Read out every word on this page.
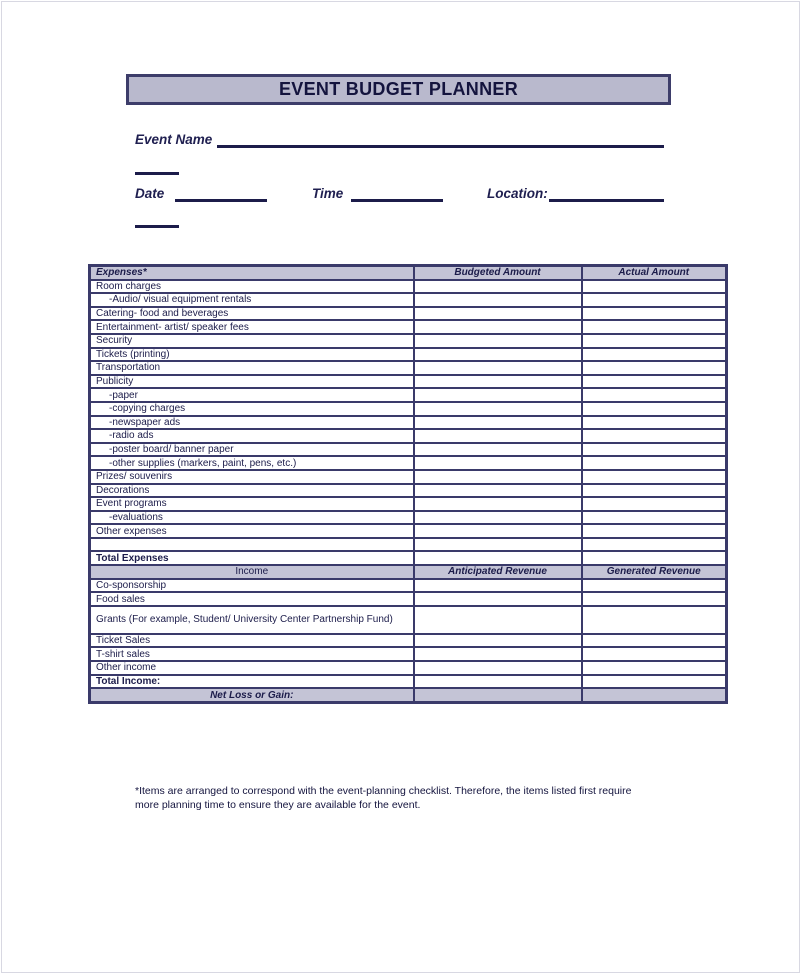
EVENT BUDGET PLANNER
Event Name
Date	Time	Location:
Expenses*	Budgeted Amount	Actual Amount
Room charges		
-Audio/ visual equipment rentals		
Catering- food and beverages		
Entertainment- artist/ speaker fees		
Security		
Tickets (printing)		
Transportation		
Publicity		
-paper		
-copying charges		
-newspaper ads		
-radio ads		
-poster board/ banner paper		
-other supplies (markers, paint, pens, etc.)		
Prizes/ souvenirs		
Decorations		
Event programs		
-evaluations		
Other expenses		

Total Expenses		
Income	Anticipated Revenue	Generated Revenue
Co-sponsorship		
Food sales		
Grants (For example, Student/ University Center Partnership Fund)		
Ticket Sales		
T-shirt sales		
Other income		
Total Income:		
Net Loss or Gain:		
*Items are arranged to correspond with the event-planning checklist. Therefore, the items listed first require more planning time to ensure they are available for the event.
